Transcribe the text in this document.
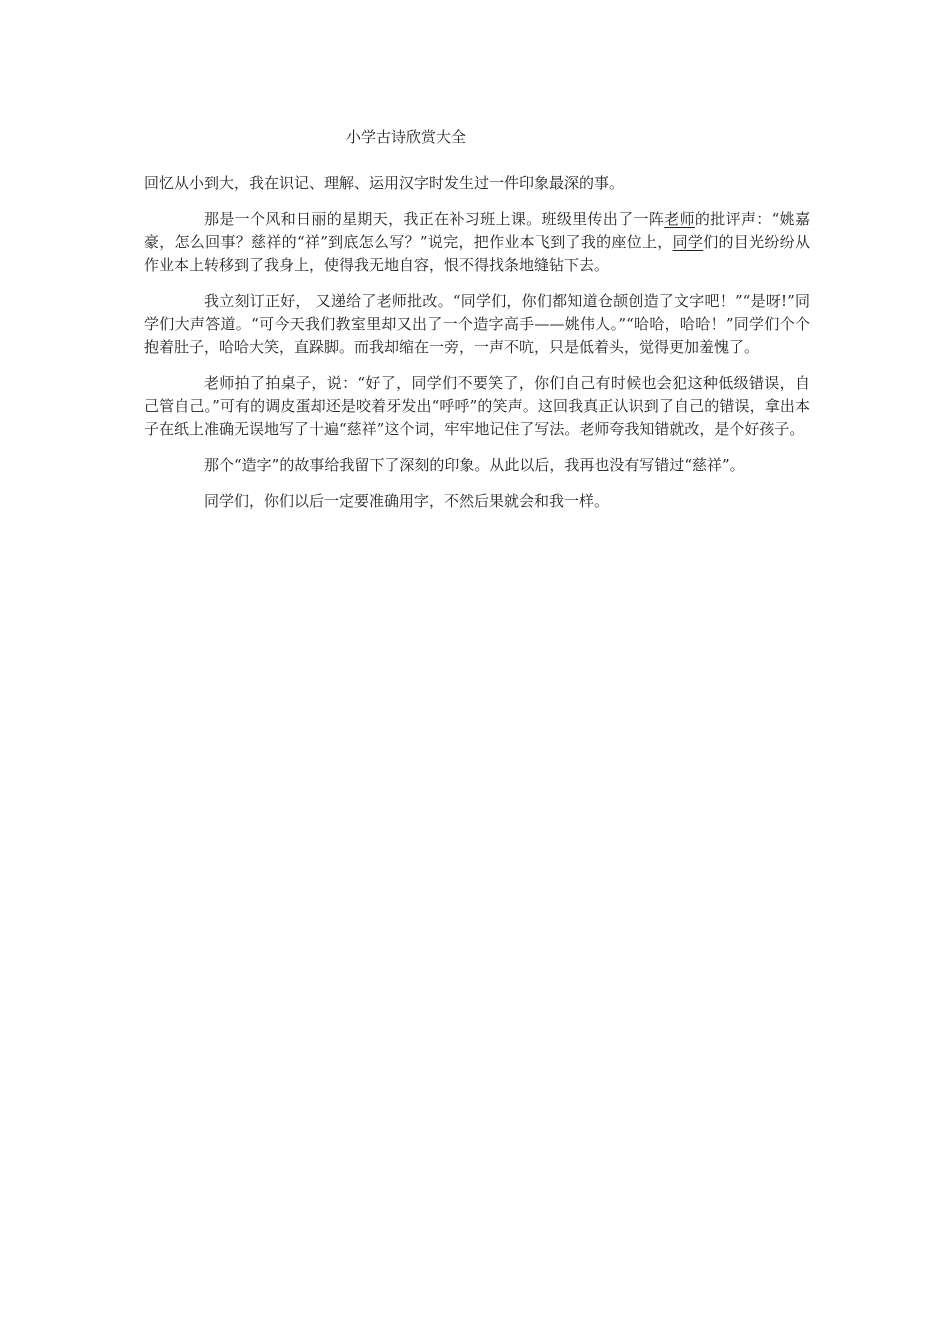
小学古诗欣赏大全

回忆从小到大，我在识记、理解、运用汉字时发生过一件印象最深的事。

那是一个风和日丽的星期天，我正在补习班上课。班级里传出了一阵老师的批评声：“姚嘉豪，怎么回事？慈祥的“祥”到底怎么写？”说完，把作业本飞到了我的座位上，同学们的目光纷纷从作业本上转移到了我身上，使得我无地自容，恨不得找条地缝钻下去。

我立刻订正好， 又递给了老师批改。“同学们，你们都知道仓颉创造了文字吧！”“是呀!”同学们大声答道。“可今天我们教室里却又出了一个造字高手——姚伟人。”“哈哈，哈哈！”同学们个个抱着肚子，哈哈大笑，直跺脚。而我却缩在一旁，一声不吭，只是低着头，觉得更加羞愧了。

老师拍了拍桌子，说：“好了，同学们不要笑了，你们自己有时候也会犯这种低级错误，自己管自己。”可有的调皮蛋却还是咬着牙发出“呼呼”的笑声。这回我真正认识到了自己的错误，拿出本子在纸上准确无误地写了十遍“慈祥”这个词，牢牢地记住了写法。老师夸我知错就改，是个好孩子。

那个“造字”的故事给我留下了深刻的印象。从此以后，我再也没有写错过“慈祥”。

同学们，你们以后一定要准确用字，不然后果就会和我一样。
